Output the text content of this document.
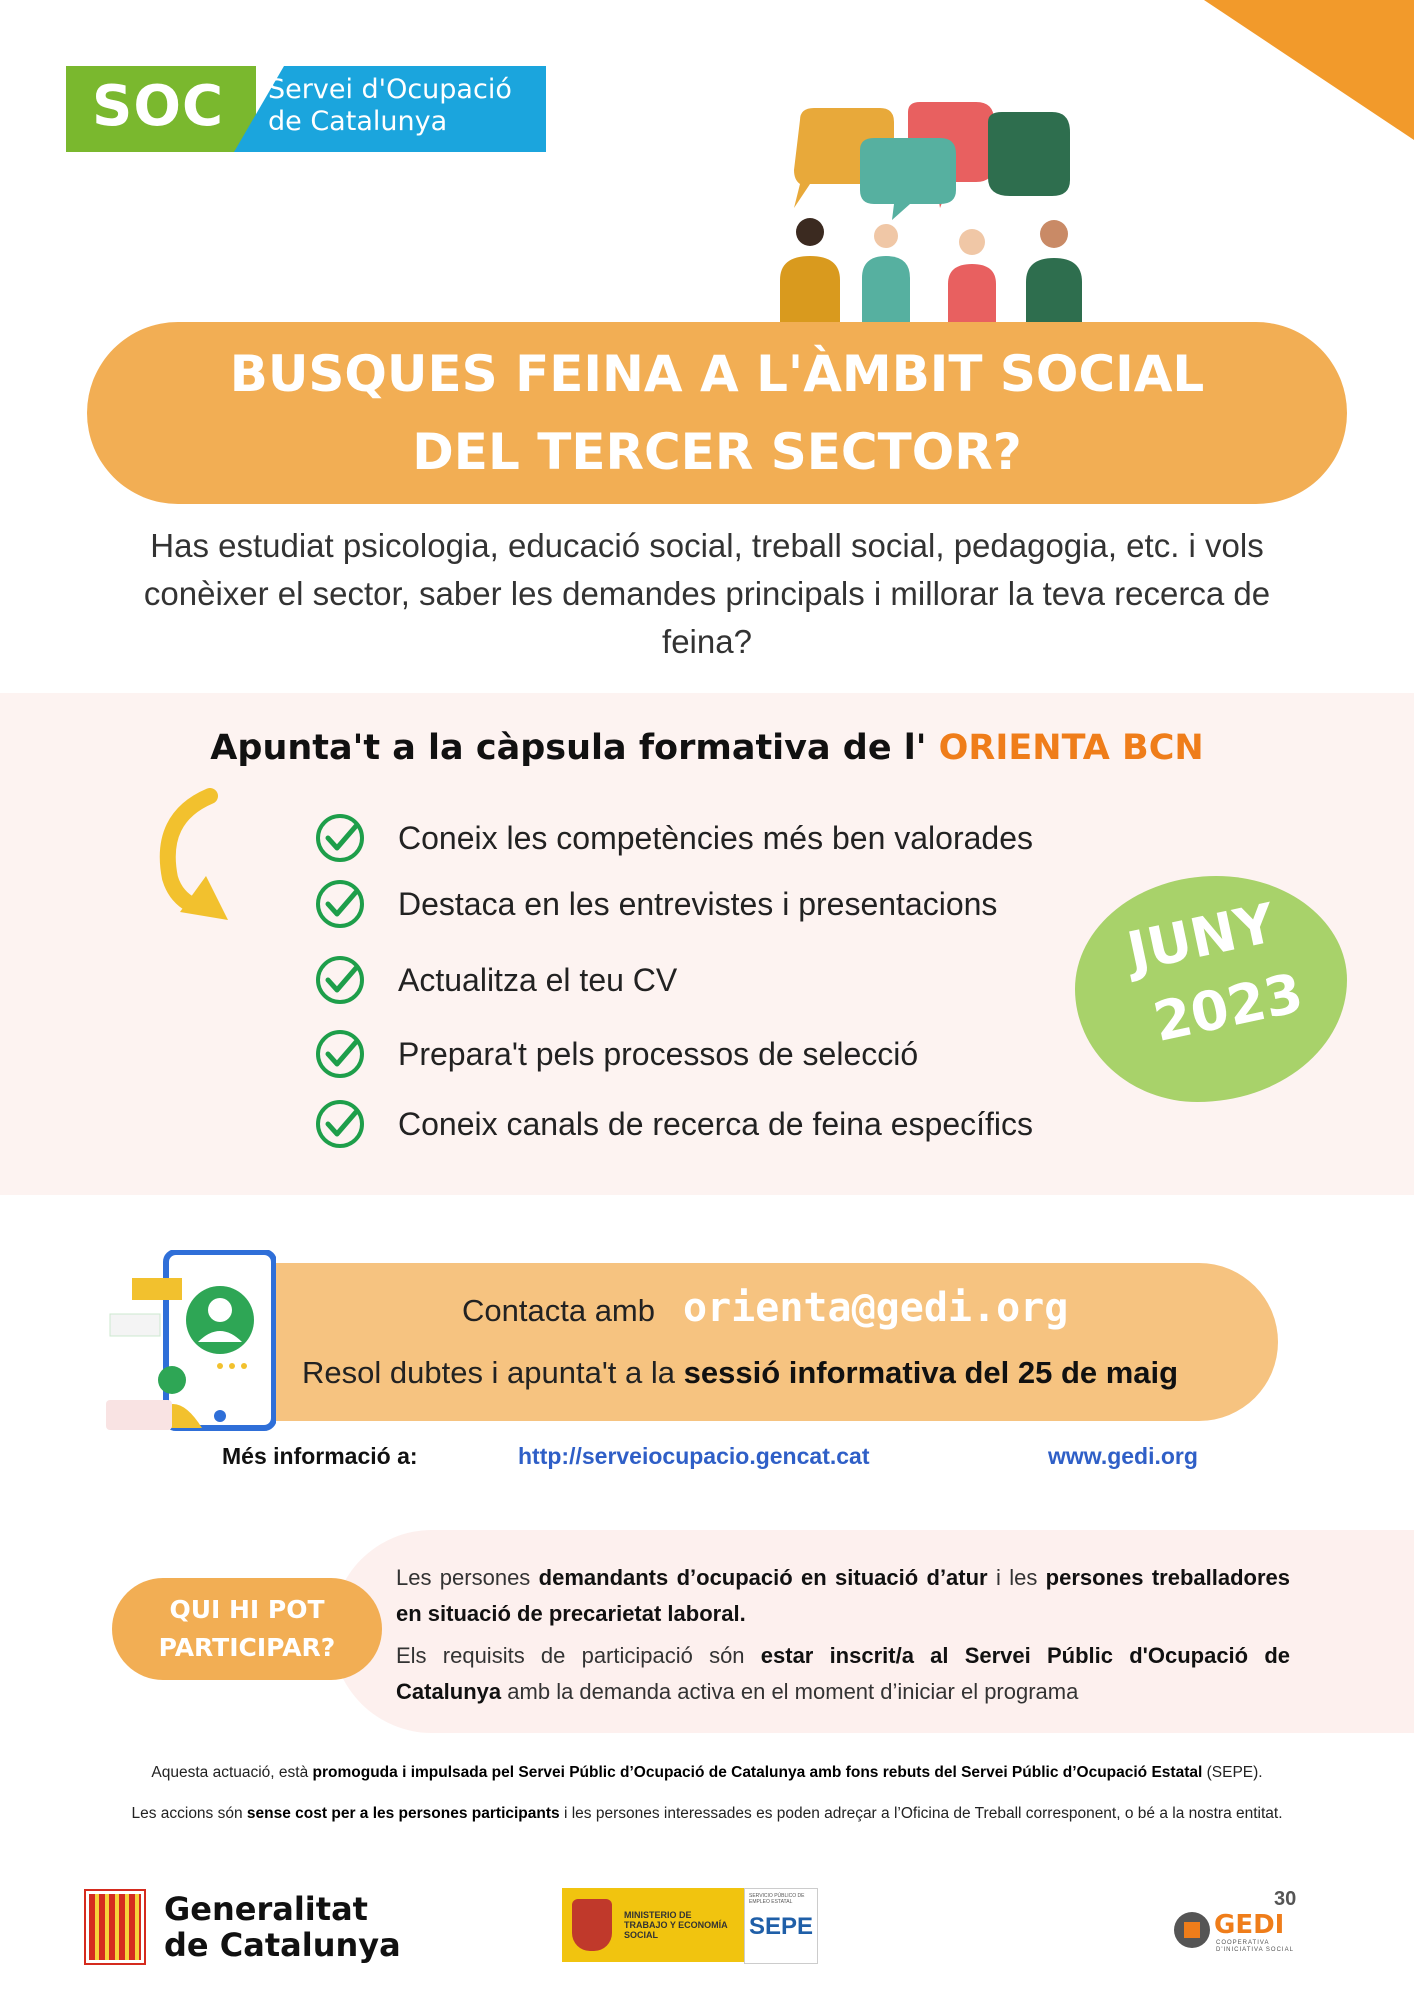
SOC Servei d'Ocupació
de Catalunya
BUSQUES FEINA A L'ÀMBIT SOCIAL
DEL TERCER SECTOR?
Has estudiat psicologia, educació social, treball social, pedagogia, etc. i vols conèixer el sector, saber les demandes principals i millorar la teva recerca de feina?
Apunta't a la càpsula formativa de l' ORIENTA BCN
Coneix les competències més ben valorades
Destaca en les entrevistes i presentacions
Actualitza el teu CV
Prepara't pels processos de selecció
Coneix canals de recerca de feina específics
JUNY
2023
Contacta amb orienta@gedi.org
Resol dubtes i apunta't a la sessió informativa del 25 de maig
Més informació a:	http://serveiocupacio.gencat.cat	www.gedi.org
QUI HI POT
PARTICIPAR?

Les persones demandants d’ocupació en situació d’atur i les persones treballadores en situació de precarietat laboral.

Els requisits de participació són estar inscrit/a al Servei Públic d'Ocupació de Catalunya amb la demanda activa en el moment d’iniciar el programa

Aquesta actuació, està promoguda i impulsada pel Servei Públic d’Ocupació de Catalunya amb fons rebuts del Servei Públic d’Ocupació Estatal (SEPE).
Les accions són sense cost per a les persones participants i les persones interessades es poden adreçar a l’Oficina de Treball corresponent, o bé a la nostra entitat.
Generalitat
de Catalunya
MINISTERIO DE TRABAJO Y ECONOMÍA SOCIAL
SERVICIO PÚBLICO DE EMPLEO ESTATAL
SEPE	GEDI
COOPERATIVA D'INICIATIVA SOCIAL
30
